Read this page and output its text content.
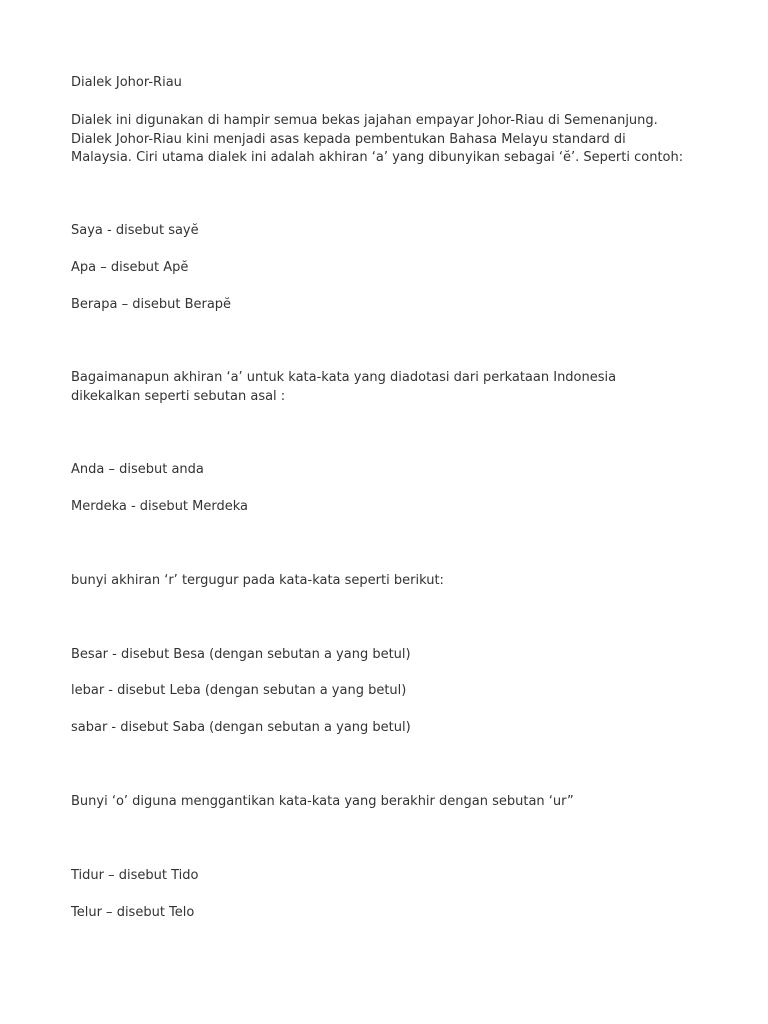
Dialek Johor-Riau
Dialek ini digunakan di hampir semua bekas jajahan empayar Johor-Riau di Semenanjung.
Dialek Johor-Riau kini menjadi asas kepada pembentukan Bahasa Melayu standard di
Malaysia. Ciri utama dialek ini adalah akhiran ‘a’ yang dibunyikan sebagai ‘ĕ’. Seperti contoh:
Saya - disebut sayĕ
Apa – disebut Apĕ
Berapa – disebut Berapĕ
Bagaimanapun akhiran ‘a’ untuk kata-kata yang diadotasi dari perkataan Indonesia
dikekalkan seperti sebutan asal :
Anda – disebut anda
Merdeka - disebut Merdeka
bunyi akhiran ‘r’ tergugur pada kata-kata seperti berikut:
Besar - disebut Besa (dengan sebutan a yang betul)
lebar - disebut Leba (dengan sebutan a yang betul)
sabar - disebut Saba (dengan sebutan a yang betul)
Bunyi ‘o’ diguna menggantikan kata-kata yang berakhir dengan sebutan ‘ur”
Tidur – disebut Tido
Telur – disebut Telo
